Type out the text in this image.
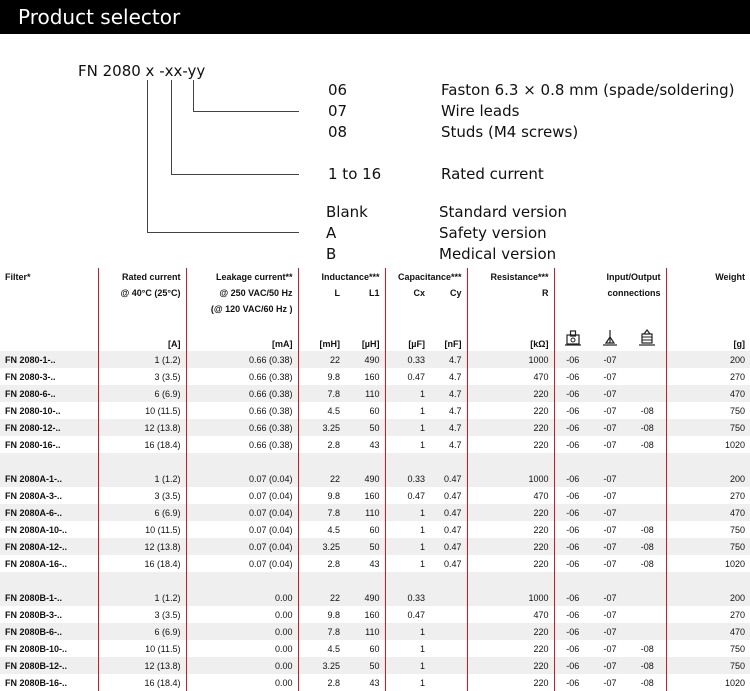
Product selector
FN 2080 x -xx-yy
06
07
08
Faston 6.3 × 0.8 mm (spade/soldering)
Wire leads
Studs (M4 screws)
1 to 16	Rated current
Blank
A
B
Standard version
Safety version
Medical version
Filter*	Rated current	Leakage current**	Inductance***		Capacitance***		Resistance***	Input/Output			Weight
	@ 40°C (25°C)	@ 250 VAC/50 Hz	L	L1	Cx	Cy	R	connections			
		(@ 120 VAC/60 Hz )									
	[A]	[mA]	[mH]	[µH]	[µF]	[nF]	[kΩ]				[g]
FN 2080-1-..	1 (1.2)	0.66 (0.38)	22	490	0.33	4.7	1000	-06	-07		200
FN 2080-3-..	3 (3.5)	0.66 (0.38)	9.8	160	0.47	4.7	470	-06	-07		270
FN 2080-6-..	6 (6.9)	0.66 (0.38)	7.8	110	1	4.7	220	-06	-07		470
FN 2080-10-..	10 (11.5)	0.66 (0.38)	4.5	60	1	4.7	220	-06	-07	-08	750
FN 2080-12-..	12 (13.8)	0.66 (0.38)	3.25	50	1	4.7	220	-06	-07	-08	750
FN 2080-16-..	16 (18.4)	0.66 (0.38)	2.8	43	1	4.7	220	-06	-07	-08	1020

FN 2080A-1-..	1 (1.2)	0.07 (0.04)	22	490	0.33	0.47	1000	-06	-07		200
FN 2080A-3-..	3 (3.5)	0.07 (0.04)	9.8	160	0.47	0.47	470	-06	-07		270
FN 2080A-6-..	6 (6.9)	0.07 (0.04)	7.8	110	1	0.47	220	-06	-07		470
FN 2080A-10-..	10 (11.5)	0.07 (0.04)	4.5	60	1	0.47	220	-06	-07	-08	750
FN 2080A-12-..	12 (13.8)	0.07 (0.04)	3.25	50	1	0.47	220	-06	-07	-08	750
FN 2080A-16-..	16 (18.4)	0.07 (0.04)	2.8	43	1	0.47	220	-06	-07	-08	1020

FN 2080B-1-..	1 (1.2)	0.00	22	490	0.33		1000	-06	-07		200
FN 2080B-3-..	3 (3.5)	0.00	9.8	160	0.47		470	-06	-07		270
FN 2080B-6-..	6 (6.9)	0.00	7.8	110	1		220	-06	-07		470
FN 2080B-10-..	10 (11.5)	0.00	4.5	60	1		220	-06	-07	-08	750
FN 2080B-12-..	12 (13.8)	0.00	3.25	50	1		220	-06	-07	-08	750
FN 2080B-16-..	16 (18.4)	0.00	2.8	43	1		220	-06	-07	-08	1020
